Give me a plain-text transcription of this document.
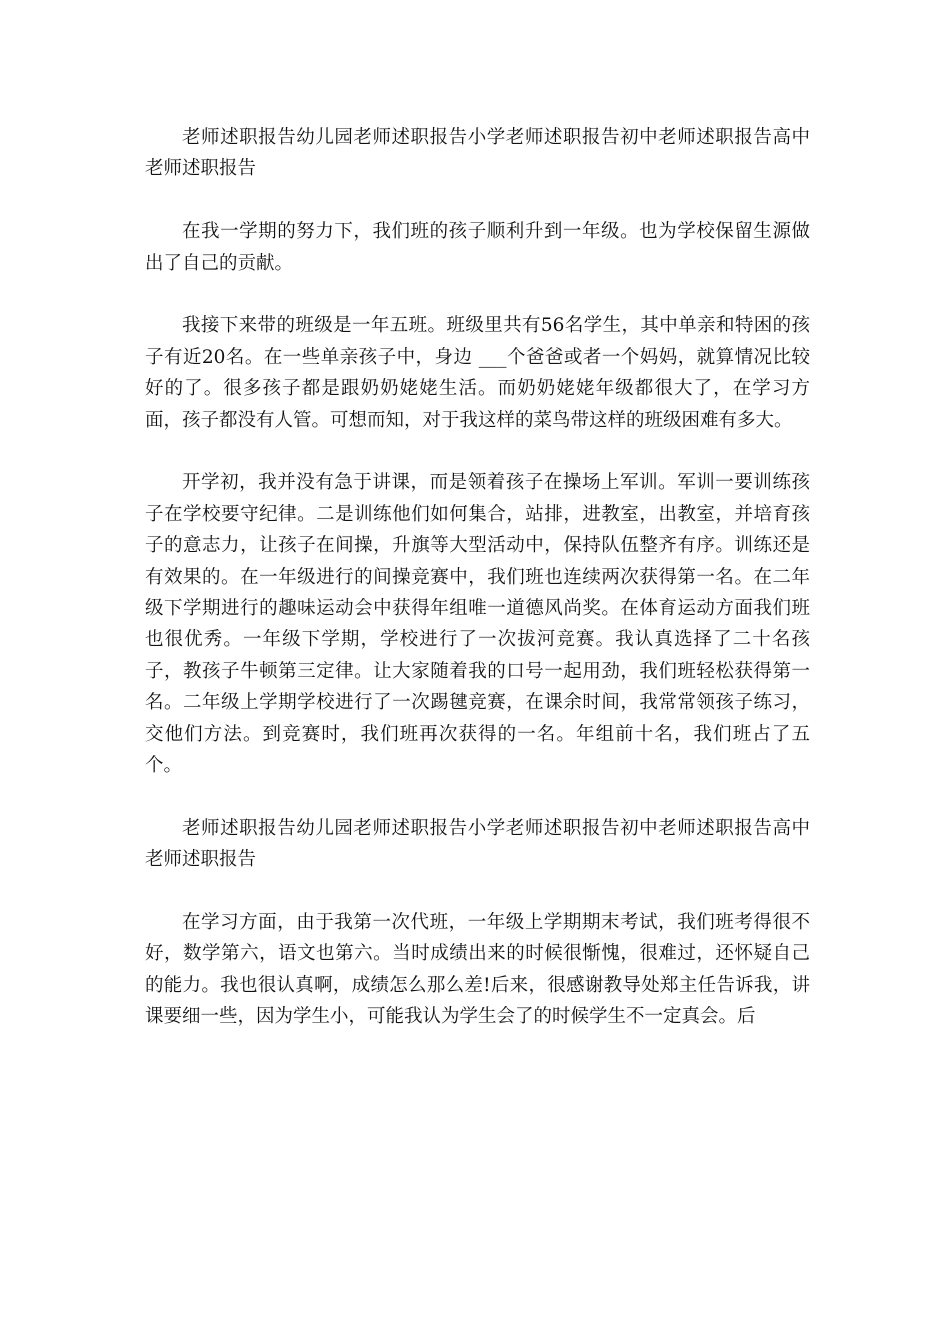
老师述职报告幼儿园老师述职报告小学老师述职报告初中老师述职报告高中老师述职报告

在我一学期的努力下，我们班的孩子顺利升到一年级。也为学校保留生源做出了自己的贡献。

我接下来带的班级是一年五班。班级里共有56名学生，其中单亲和特困的孩子有近20名。在一些单亲孩子中，身边 ___个爸爸或者一个妈妈，就算情况比较好的了。很多孩子都是跟奶奶姥姥生活。而奶奶姥姥年级都很大了，在学习方面，孩子都没有人管。可想而知，对于我这样的菜鸟带这样的班级困难有多大。

开学初，我并没有急于讲课，而是领着孩子在操场上军训。军训一要训练孩子在学校要守纪律。二是训练他们如何集合，站排，进教室，出教室，并培育孩子的意志力，让孩子在间操，升旗等大型活动中，保持队伍整齐有序。训练还是有效果的。在一年级进行的间操竞赛中，我们班也连续两次获得第一名。在二年级下学期进行的趣味运动会中获得年组唯一道德风尚奖。在体育运动方面我们班也很优秀。一年级下学期，学校进行了一次拔河竞赛。我认真选择了二十名孩子，教孩子牛顿第三定律。让大家随着我的口号一起用劲，我们班轻松获得第一名。二年级上学期学校进行了一次踢毽竞赛，在课余时间，我常常领孩子练习，交他们方法。到竞赛时，我们班再次获得的一名。年组前十名，我们班占了五个。

老师述职报告幼儿园老师述职报告小学老师述职报告初中老师述职报告高中老师述职报告

在学习方面，由于我第一次代班，一年级上学期期末考试，我们班考得很不好，数学第六，语文也第六。当时成绩出来的时候很惭愧，很难过，还怀疑自己的能力。我也很认真啊，成绩怎么那么差!后来，很感谢教导处郑主任告诉我，讲课要细一些，因为学生小，可能我认为学生会了的时候学生不一定真会。后
